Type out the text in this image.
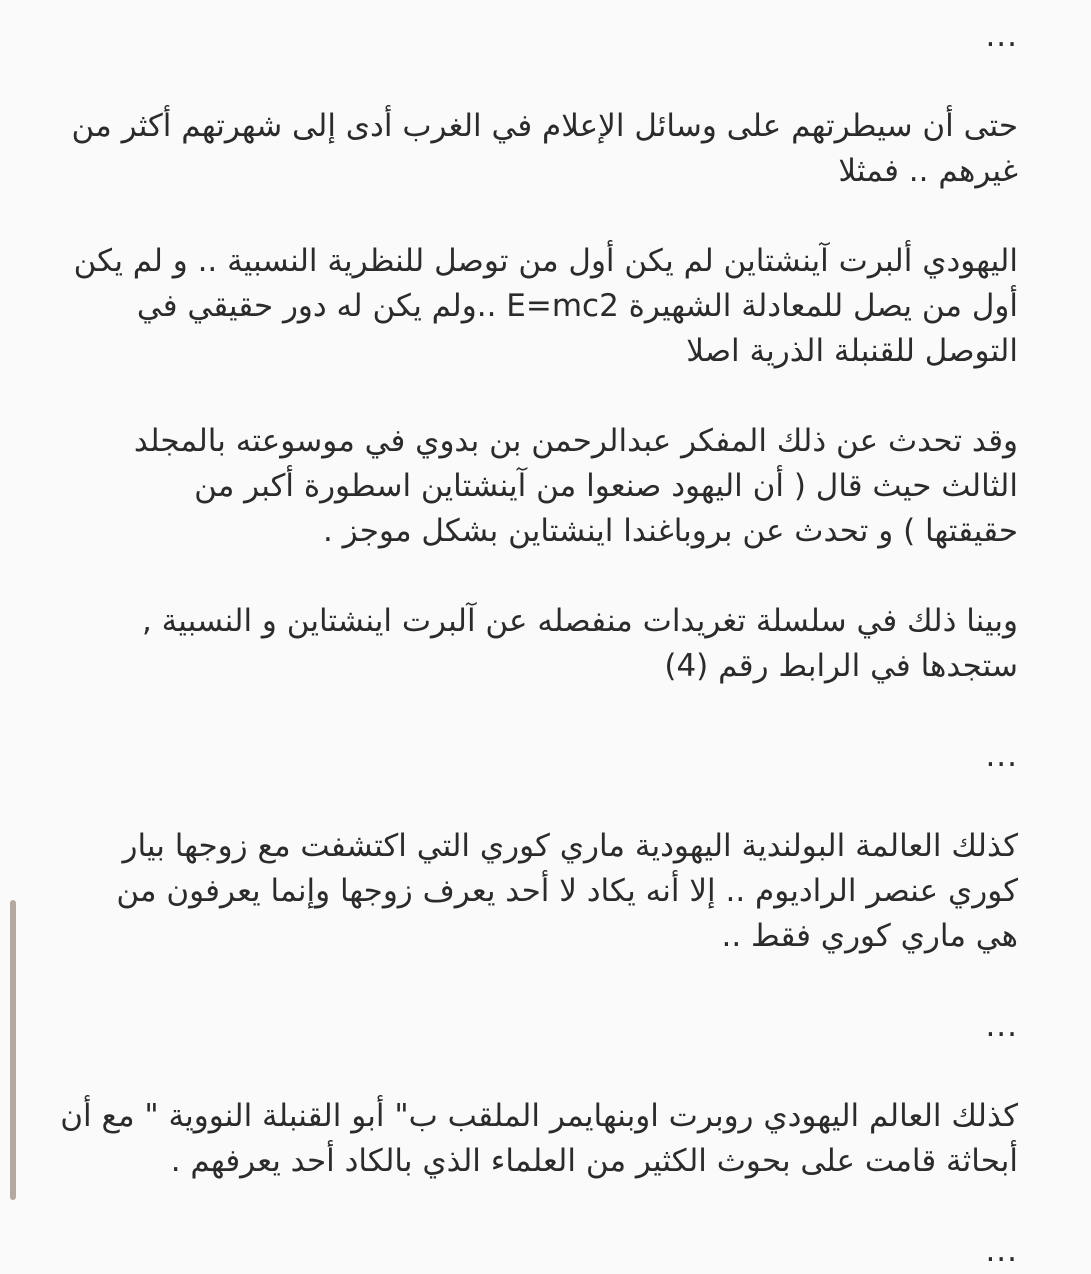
...
حتى أن سيطرتهم على وسائل الإعلام في الغرب أدى إلى شهرتهم أكثر من
غيرهم .. فمثلا
اليهودي ألبرت آينشتاين لم يكن أول من توصل للنظرية النسبية .. و لم يكن
أول من يصل للمعادلة الشهيرة E=mc2 ..ولم يكن له دور حقيقي في
التوصل للقنبلة الذرية اصلا
وقد تحدث عن ذلك المفكر عبدالرحمن بن بدوي في موسوعته بالمجلد
الثالث حيث قال ( أن اليهود صنعوا من آينشتاين اسطورة أكبر من
حقيقتها ) و تحدث عن بروباغندا اينشتاين بشكل موجز .
وبينا ذلك في سلسلة تغريدات منفصله عن آلبرت اينشتاين و النسبية ,
ستجدها في الرابط رقم (4)
...
كذلك العالمة البولندية اليهودية ماري كوري التي اكتشفت مع زوجها بيار
كوري عنصر الراديوم .. إلا أنه يكاد لا أحد يعرف زوجها وإنما يعرفون من
هي ماري كوري فقط ..
...
كذلك العالم اليهودي روبرت اوبنهايمر الملقب ب" أبو القنبلة النووية " مع أن
أبحاثة قامت على بحوث الكثير من العلماء الذي بالكاد أحد يعرفهم .
...
